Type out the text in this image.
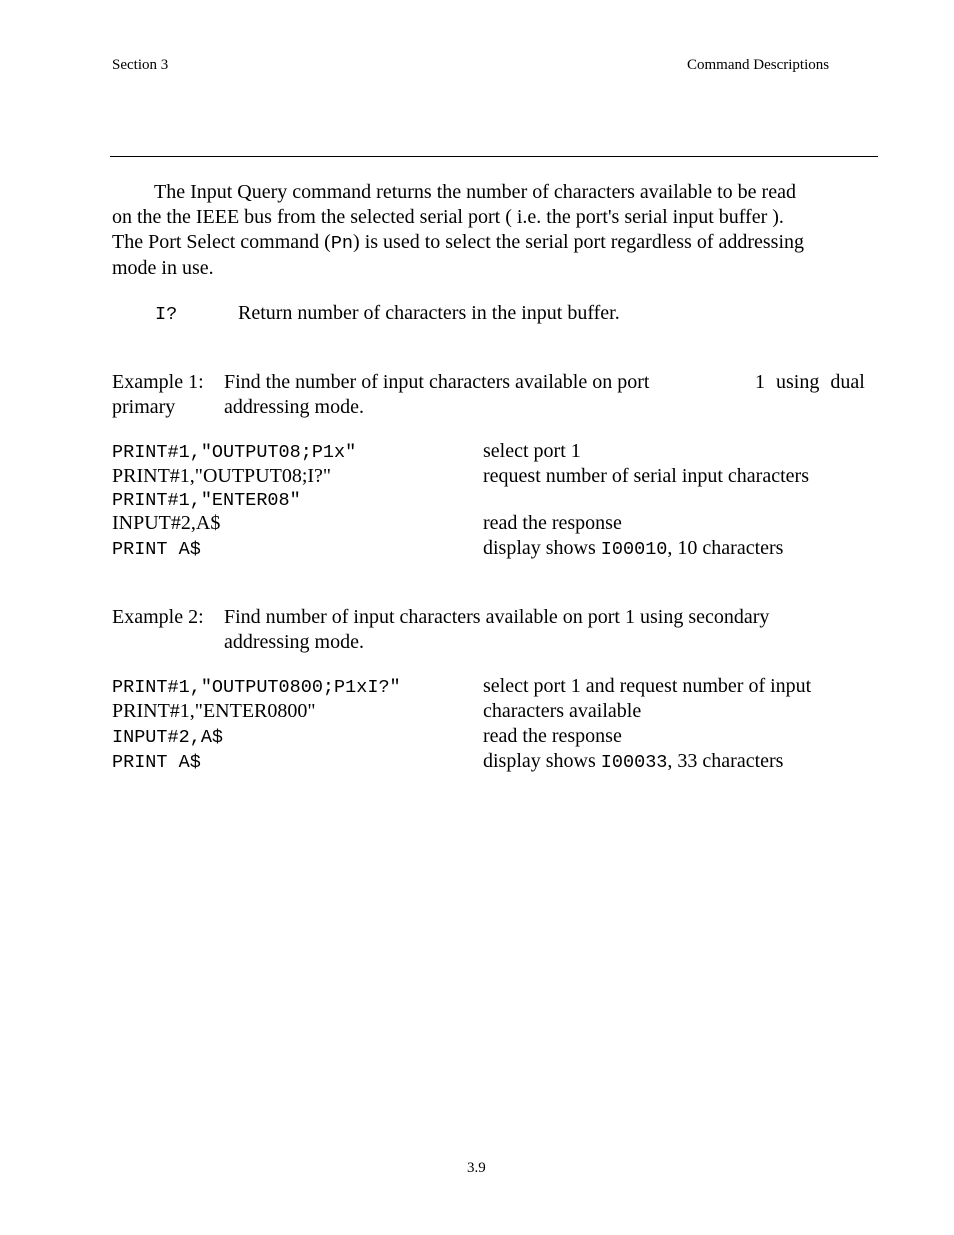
Section 3	Command Descriptions
The Input Query command returns the number of characters available to be read
on the the IEEE bus from the selected serial port ( i.e. the port's serial input buffer ).
The Port Select command (Pn) is used to select the serial port regardless of addressing
mode in use.
I?	Return number of characters in the input buffer.
Example 1: Find the number of input characters available on port	1 using dual
primary addressing mode.
PRINT#1,"OUTPUT08;P1x"	select port 1
PRINT#1,"OUTPUT08;I?"	request number of serial input characters
PRINT#1,"ENTER08"
INPUT#2,A$	read the response
PRINT A$	display shows I00010, 10 characters
Example 2: Find number of input characters available on port 1 using secondary
addressing mode.
PRINT#1,"OUTPUT0800;P1xI?"	select port 1 and request number of input
PRINT#1,"ENTER0800"	characters available
INPUT#2,A$	read the response
PRINT A$	display shows I00033, 33 characters
3.9
